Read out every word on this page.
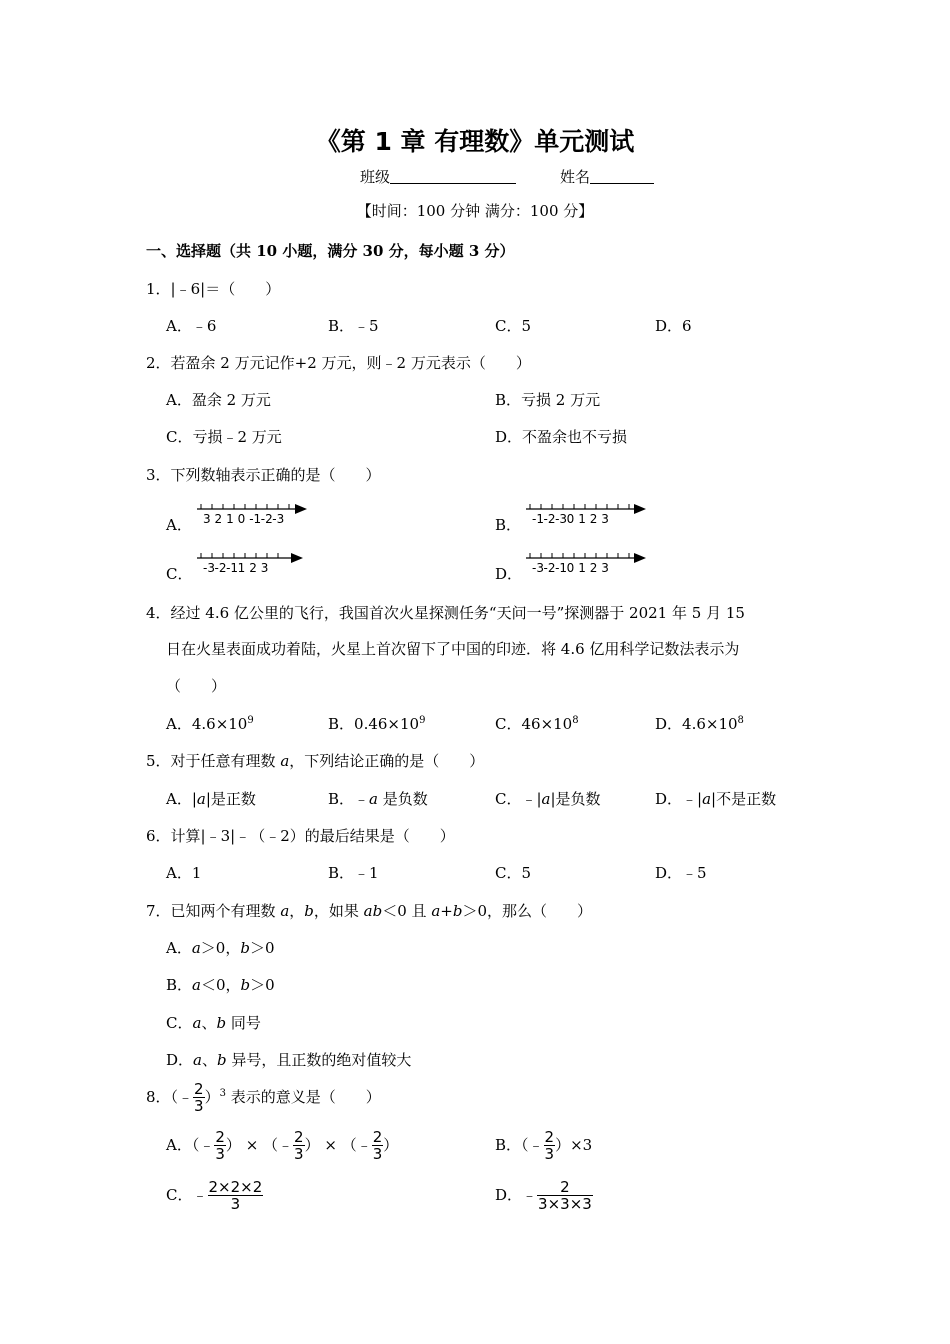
《第 1 章 有理数》单元测试
班级	姓名
【时间：100 分钟 满分：100 分】
一、选择题（共 10 小题，满分 30 分，每小题 3 分）
1．|﹣6|＝（　　）
A．﹣6	B．﹣5	C．5	D．6
2．若盈余 2 万元记作+2 万元，则﹣2 万元表示（　　）
A．盈余 2 万元	B．亏损 2 万元
C．亏损﹣2 万元	D．不盈余也不亏损
3．下列数轴表示正确的是（　　）
A． 3 2 1 0 -1 -2 -3	B． -1 -2 -3 0 1 2 3
C． -3 -2 -1 1 2 3	D． -3 -2 -1 0 1 2 3
4．经过 4.6 亿公里的飞行，我国首次火星探测任务“天问一号”探测器于 2021 年 5 月 15
日在火星表面成功着陆，火星上首次留下了中国的印迹．将 4.6 亿用科学记数法表示为
（　　）
A．$4.6\times 10^9$	B．$0.46\times 10^9$	C．$46\times 10^8$	D．$4.6\times 10^8$
5．对于任意有理数 a，下列结论正确的是（　　）
A．|a|是正数	B．﹣a 是负数	C．﹣|a|是负数	D．﹣|a|不是正数
6．计算|﹣3|﹣（﹣2）的最后结果是（　　）
A．1	B．﹣1	C．5	D．﹣5
7．已知两个有理数 a，b，如果 ab＜0 且 a+b＞0，那么（　　）
A．a＞0，b＞0
B．a＜0，b＞0
C．a、b 同号
D．a、b 异号，且正数的绝对值较大
8．（﹣ $\frac{2}{3} )^3$ 表示的意义是（　　）
A．（﹣ $\frac{2}{3}$ ） × （﹣ $\frac{2}{3}$ ） × （﹣ $\frac{2}{3}$ ）	B．（﹣ $\frac{2}{3} )\times 3$
C．﹣ $\frac{2\times 2\times 2}{3}$	D．﹣ $\frac{2}{3\times 3\times 3}$
